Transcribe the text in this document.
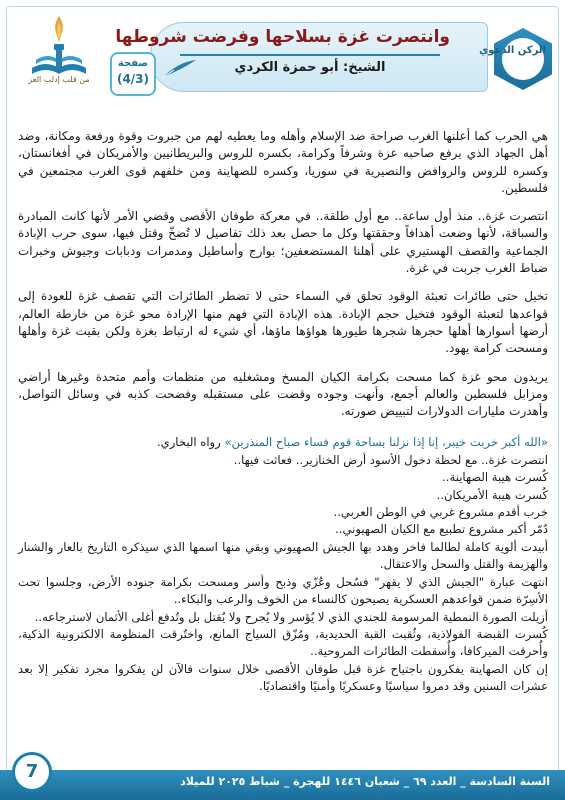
وانتصرت غزة بسلاحها وفرضت شروطها
الشيخ: أبو حمزة الكردي
صفحة
(4/3)
الركن الدعوي
من قلب إدلب العز

هي الحرب كما أعلنها الغرب صراحة ضد الإسلام وأهله وما يعطيه لهم من جبروت وقوة ورفعة ومكانة، وضد أهل الجهاد الذي يرفع صاحبه عزة وشرفاً وكرامة، بكسره للروس والبريطانيين والأمريكان في أفغانستان، وكسره للروس والروافض والنصيرية في سوريا، وكسره للصهاينة ومن خلفهم قوى الغرب مجتمعين في فلسطين.

انتصرت غزة.. منذ أول ساعة.. مع أول طلقة.. في معركة طوفان الأقصى وقضي الأمر لأنها كانت المبادرة والسباقة، لأنها وضعت أهدافاً وحققتها وكل ما حصل بعد ذلك تفاصيل لا تُضخّ وقتل فيها، سوى حرب الإبادة الجماعية والقصف الهستيري على أهلنا المستضعفين؛ بوارج وأساطيل ومدمرات ودبابات وجيوش وخبرات ضباط الغرب جربت في غزة.

تخيل حتى طائرات تعبئة الوقود تحلق في السماء حتى لا تضطر الطائرات التي تقصف غزة للعودة إلى قواعدها لتعبئة الوقود فتخيل حجم الإبادة. هذه الإبادة التي فهم منها الإرادة محو غزة من خارطة العالم، أرضها أسوارها أهلها حجرها شجرها طيورها هواؤها ماؤها، أي شيء له ارتباط بغزة ولكن بقيت غزة وأهلها ومسحت كرامة يهود.

يريدون محو غزة كما مسحت بكرامة الكيان المسخ ومشغليه من منظمات وأمم متحدة وغيرها أراضي ومزابل فلسطين والعالم أجمع، وأنهت وجوده وقضت على مستقبله وفضحت كذبه في وسائل التواصل، وأهدرت مليارات الدولارات لتبييض صورته.

«الله أكبر خربت خيبر، إنا إذا نزلنا بساحة قوم فساء صباح المنذرين» رواه البخاري.

انتصرت غزة.. مع لحظة دخول الأسود أرض الخنازير.. فعاثت فيها..

كُسرت هيبة الصهاينة..

كُسرت هيبة الأمريكان..

خرب أقدم مشروع غربي في الوطن العربي..

دُمّر أكبر مشروع تطبيع مع الكيان الصهيوني..

أبيدت ألوية كاملة لطالما فاخر وهدد بها الجيش الصهيوني وبقي منها اسمها الذي سيذكره التاريخ بالعار والشنار والهزيمة والقتل والسحل والاعتقال.

انتهت عبارة "الجيش الذي لا يقهر" فسُحل وعُزّي وذبح وأسر ومسحت بكرامة جنوده الأرض، وجلسوا تحت الأسِرّة ضمن قواعدهم العسكرية يصيحون كالنساء من الخوف والرعب والبكاء..

أزيلت الصورة النمطية المرسومة للجندي الذي لا يُؤسر ولا يُجرح ولا يُقتل بل وتُدفع أغلى الأثمان لاسترجاعه..

كُسرت القبضة الفولاذية، وثُقبت القبة الحديدية، ومُزّق السياج المانع، واختُرقت المنظومة الالكترونية الذكية، وأُحرقت الميركافا، وأُسقطت الطائرات المروحية..

إن كان الصهاينة يفكرون باجتياح غزة قبل طوفان الأقصى خلال سنوات فالآن لن يفكروا مجرد تفكير إلا بعد عشرات السنين وقد دمروا سياسيًا وعسكريًا وأمنيًا واقتصاديًا.

السنة السادسة _ العدد ٦٩ _ شعبان ١٤٤٦ للهجرة _ شباط ٢٠٢٥ للميلاد
7
